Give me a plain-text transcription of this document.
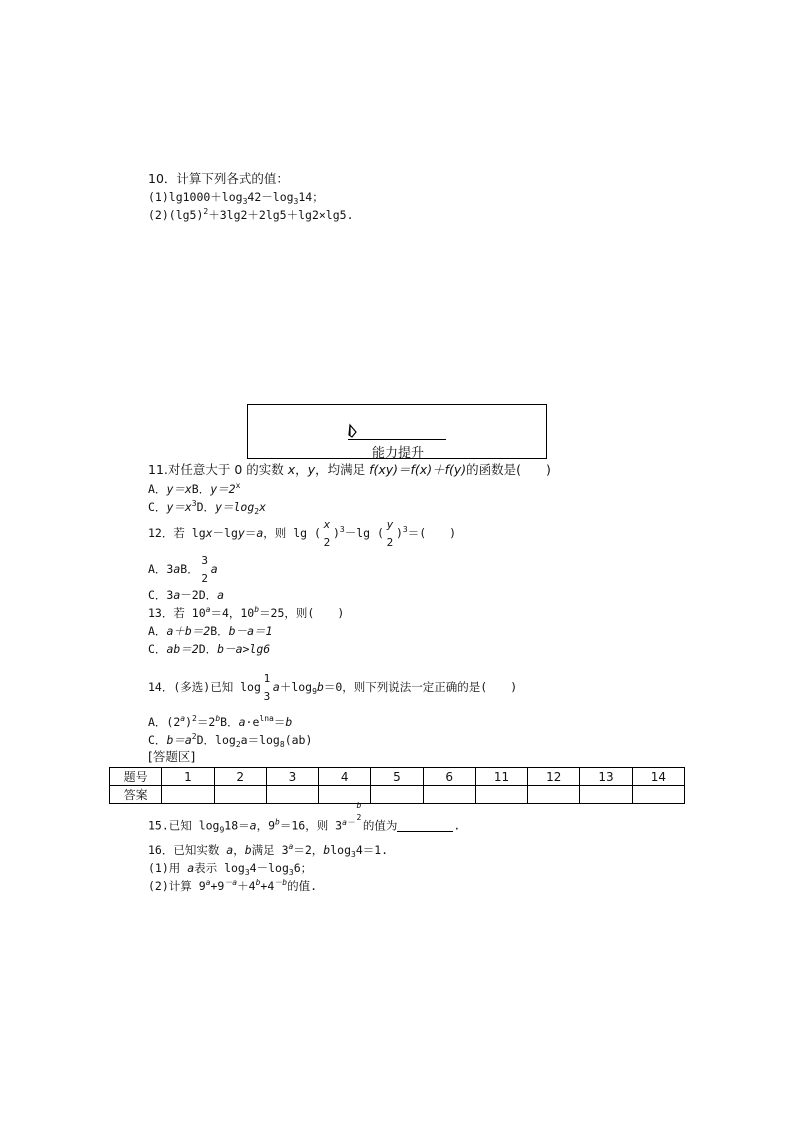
10．计算下列各式的值：
$(1)\lg 1000+\log_342-\log_314$；
$(2)(\lg 5)^2+3\lg 2+2\lg 5+\lg 2\times\lg 5$.
能力提升
11.对任意大于 0 的实数 x，y，均满足 f(xy)＝f(x)＋f(y)的函数是(　　)
A．y＝xB．$y=2^x$
C．$y=x^3D$．$y=\log_2x$
12．若 lgx－lgy＝a，则 lg (
x
2
)$^3$－lg (
y
2
)$^3$＝(　　)
A．3aB．
3
2
a
C．3a－2D．a
13．若 $10^a=4$，$10^b=25$，则(　　)
A．a＋b＝2B．b－a＝1
C．ab＝2D．b－a>lg6
14．(多选)已知 log
1
3
$a+\log_9b=0$，则下列说法一定正确的是(　　)
A．$(2^a)^2=2^bB$．$a\cdot e^{lna}=b$
C．$b=a^2D$．$\log_2a=\log_8(ab)$
[答题区]
题号	1	2	3	4	5	6	11	12	13	14
答案										
15.已知 $\log_918=a$，$9^b=16$，则 $3^{a- b 2}$
的值为	.
16．已知实数 a，b满足 $3^a=2$，blog$_3$4＝1.
(1)用 a表示 $\log_34-\log_36$；
(2)计算 $9^a+9^{-a}+4^b+4^{-b}$的值.
